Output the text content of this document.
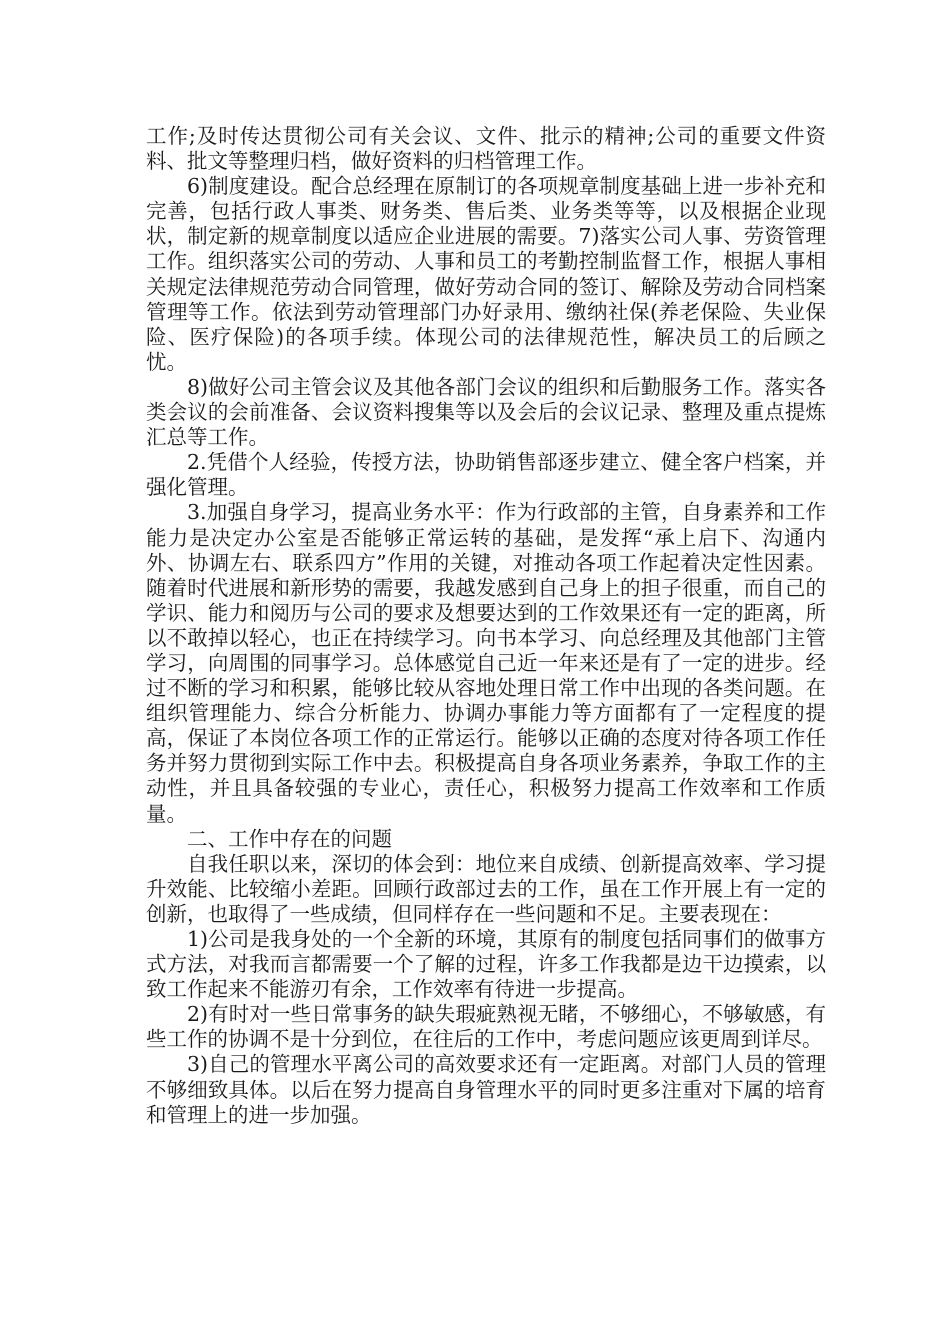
工作;及时传达贯彻公司有关会议、文件、批示的精神;公司的重要文件资料、批文等整理归档，做好资料的归档管理工作。

6)制度建设。配合总经理在原制订的各项规章制度基础上进一步补充和完善，包括行政人事类、财务类、售后类、业务类等等，以及根据企业现状，制定新的规章制度以适应企业进展的需要。7)落实公司人事、劳资管理工作。组织落实公司的劳动、人事和员工的考勤控制监督工作，根据人事相关规定法律规范劳动合同管理，做好劳动合同的签订、解除及劳动合同档案管理等工作。依法到劳动管理部门办好录用、缴纳社保(养老保险、失业保险、医疗保险)的各项手续。体现公司的法律规范性，解决员工的后顾之忧。

8)做好公司主管会议及其他各部门会议的组织和后勤服务工作。落实各类会议的会前准备、会议资料搜集等以及会后的会议记录、整理及重点提炼汇总等工作。

2.凭借个人经验，传授方法，协助销售部逐步建立、健全客户档案，并强化管理。

3.加强自身学习，提高业务水平：作为行政部的主管，自身素养和工作能力是决定办公室是否能够正常运转的基础，是发挥“承上启下、沟通内外、协调左右、联系四方”作用的关键，对推动各项工作起着决定性因素。随着时代进展和新形势的需要，我越发感到自己身上的担子很重，而自己的学识、能力和阅历与公司的要求及想要达到的工作效果还有一定的距离，所以不敢掉以轻心，也正在持续学习。向书本学习、向总经理及其他部门主管学习，向周围的同事学习。总体感觉自己近一年来还是有了一定的进步。经过不断的学习和积累，能够比较从容地处理日常工作中出现的各类问题。在组织管理能力、综合分析能力、协调办事能力等方面都有了一定程度的提高，保证了本岗位各项工作的正常运行。能够以正确的态度对待各项工作任务并努力贯彻到实际工作中去。积极提高自身各项业务素养，争取工作的主动性，并且具备较强的专业心，责任心，积极努力提高工作效率和工作质量。

二、工作中存在的问题

自我任职以来，深切的体会到：地位来自成绩、创新提高效率、学习提升效能、比较缩小差距。回顾行政部过去的工作，虽在工作开展上有一定的创新，也取得了一些成绩，但同样存在一些问题和不足。主要表现在：

1)公司是我身处的一个全新的环境，其原有的制度包括同事们的做事方式方法，对我而言都需要一个了解的过程，许多工作我都是边干边摸索，以致工作起来不能游刃有余，工作效率有待进一步提高。

2)有时对一些日常事务的缺失瑕疵熟视无睹，不够细心，不够敏感，有些工作的协调不是十分到位，在往后的工作中，考虑问题应该更周到详尽。

3)自己的管理水平离公司的高效要求还有一定距离。对部门人员的管理不够细致具体。以后在努力提高自身管理水平的同时更多注重对下属的培育和管理上的进一步加强。
